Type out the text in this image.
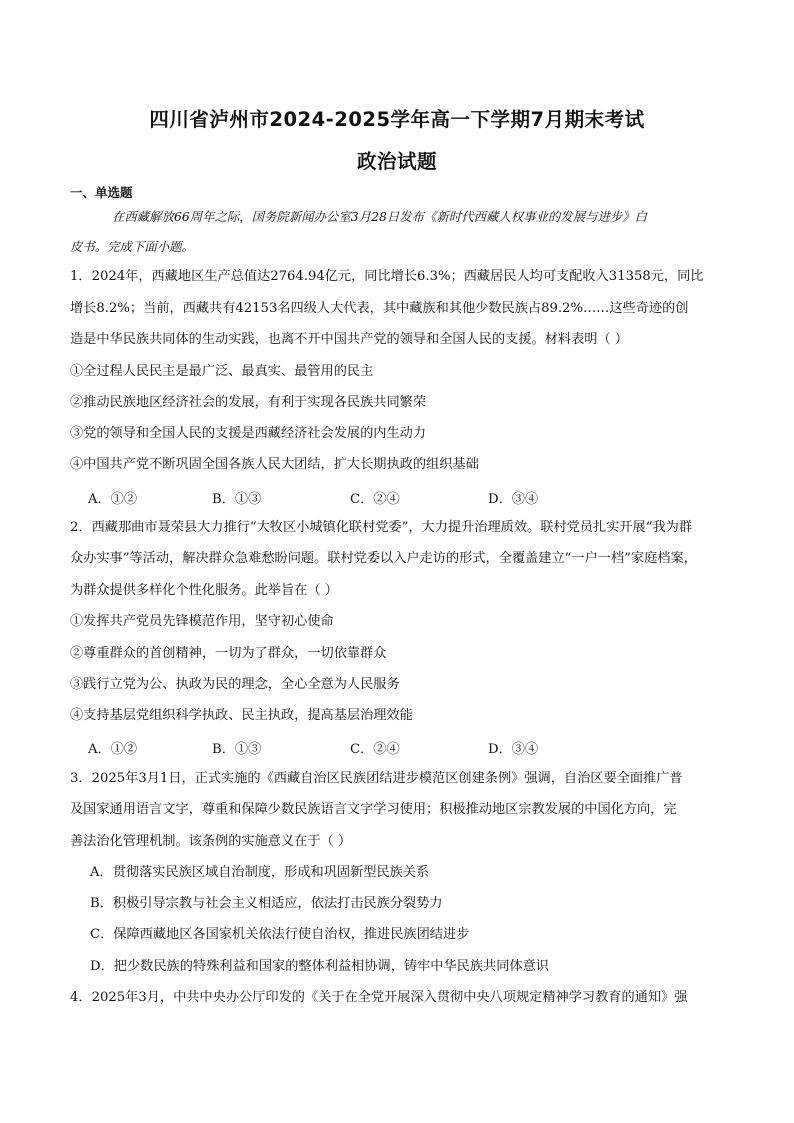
四川省泸州市2024-2025学年高一下学期7月期末考试
政治试题
一、单选题
在西藏解放66周年之际，国务院新闻办公室3月28日发布《新时代西藏人权事业的发展与进步》白
皮书。完成下面小题。
1．2024年，西藏地区生产总值达2764.94亿元，同比增长6.3%；西藏居民人均可支配收入31358元，同比
增长8.2%；当前，西藏共有42153名四级人大代表，其中藏族和其他少数民族占89.2%……这些奇迹的创
造是中华民族共同体的生动实践，也离不开中国共产党的领导和全国人民的支援。材料表明（ ）
①全过程人民民主是最广泛、最真实、最管用的民主
②推动民族地区经济社会的发展，有利于实现各民族共同繁荣
③党的领导和全国人民的支援是西藏经济社会发展的内生动力
④中国共产党不断巩固全国各族人民大团结，扩大长期执政的组织基础
A．①②	B．①③	C．②④	D．③④
2．西藏那曲市聂荣县大力推行“大牧区小城镇化联村党委”，大力提升治理质效。联村党员扎实开展“我为群
众办实事”等活动，解决群众急难愁盼问题。联村党委以入户走访的形式，全覆盖建立“一户一档”家庭档案，
为群众提供多样化个性化服务。此举旨在（ ）
①发挥共产党员先锋模范作用，坚守初心使命
②尊重群众的首创精神，一切为了群众，一切依靠群众
③践行立党为公、执政为民的理念，全心全意为人民服务
④支持基层党组织科学执政、民主执政，提高基层治理效能
A．①②	B．①③	C．②④	D．③④
3．2025年3月1日，正式实施的《西藏自治区民族团结进步模范区创建条例》强调，自治区要全面推广普
及国家通用语言文字，尊重和保障少数民族语言文字学习使用；积极推动地区宗教发展的中国化方向，完
善法治化管理机制。该条例的实施意义在于（ ）
A．贯彻落实民族区域自治制度，形成和巩固新型民族关系
B．积极引导宗教与社会主义相适应，依法打击民族分裂势力
C．保障西藏地区各国家机关依法行使自治权，推进民族团结进步
D．把少数民族的特殊利益和国家的整体利益相协调，铸牢中华民族共同体意识
4．2025年3月，中共中央办公厅印发的《关于在全党开展深入贯彻中央八项规定精神学习教育的通知》强
